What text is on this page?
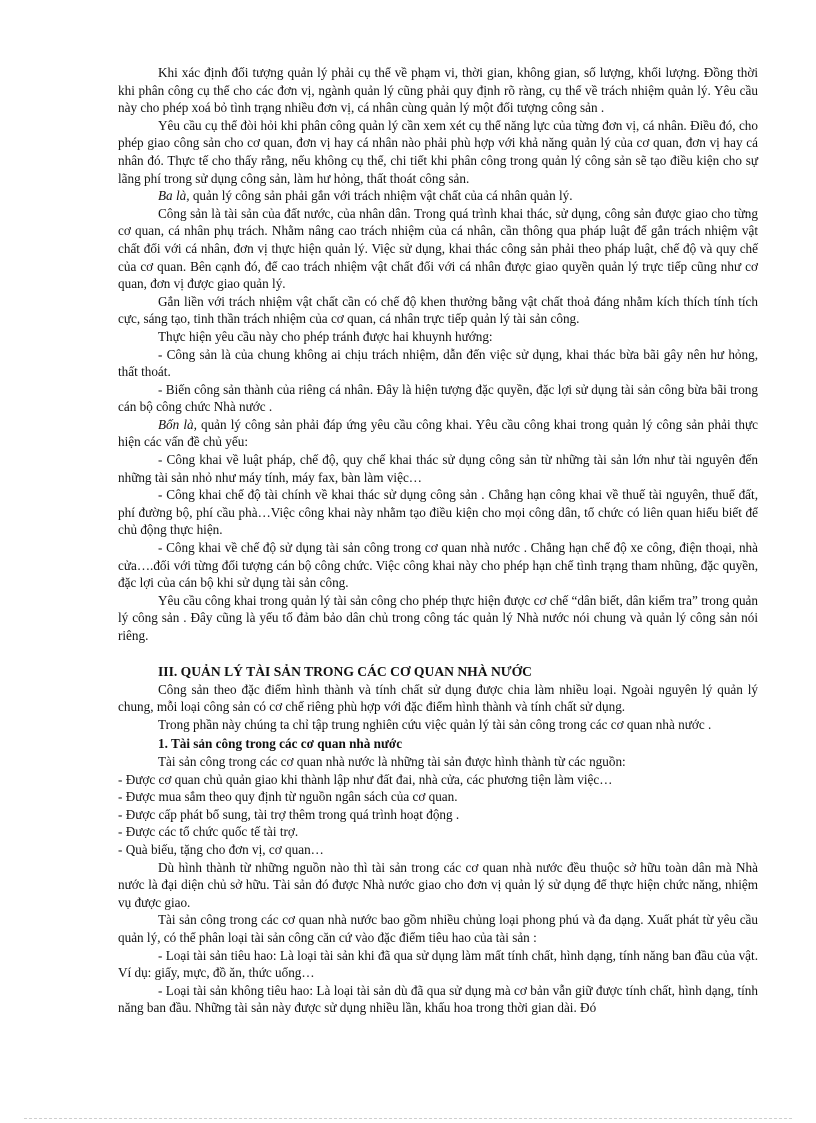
Khi xác định đối tượng quản lý phải cụ thể về phạm vi, thời gian, không gian, số lượng, khối lượng. Đồng thời khi phân công cụ thể cho các đơn vị, ngành quản lý cũng phải quy định rõ ràng, cụ thể về trách nhiệm quản lý. Yêu cầu này cho phép xoá bỏ tình trạng nhiều đơn vị, cá nhân cùng quản lý một đối tượng công sản .

Yêu cầu cụ thể đòi hỏi khi phân công quản lý cần xem xét cụ thể năng lực của từng đơn vị, cá nhân. Điều đó, cho phép giao công sản cho cơ quan, đơn vị hay cá nhân nào phải phù hợp với khả năng quản lý của cơ quan, đơn vị hay cá nhân đó. Thực tế cho thấy rằng, nếu không cụ thể, chi tiết khi phân công trong quản lý công sản sẽ tạo điều kiện cho sự lãng phí trong sử dụng công sản, làm hư hỏng, thất thoát công sản.

Ba là, quản lý công sản phải gắn với trách nhiệm vật chất của cá nhân quản lý.

Công sản là tài sản của đất nước, của nhân dân. Trong quá trình khai thác, sử dụng, công sản được giao cho từng cơ quan, cá nhân phụ trách. Nhằm nâng cao trách nhiệm của cá nhân, cần thông qua pháp luật để gắn trách nhiệm vật chất đối với cá nhân, đơn vị thực hiện quản lý. Việc sử dụng, khai thác công sản phải theo pháp luật, chế độ và quy chế của cơ quan. Bên cạnh đó, để cao trách nhiệm vật chất đối với cá nhân được giao quyền quản lý trực tiếp cũng như cơ quan, đơn vị được giao quản lý.

Gắn liền với trách nhiệm vật chất cần có chế độ khen thưởng bằng vật chất thoả đáng nhằm kích thích tính tích cực, sáng tạo, tinh thần trách nhiệm của cơ quan, cá nhân trực tiếp quản lý tài sản công.

Thực hiện yêu cầu này cho phép tránh được hai khuynh hướng:

- Công sản là của chung không ai chịu trách nhiệm, dẫn đến việc sử dụng, khai thác bừa bãi gây nên hư hỏng, thất thoát.

- Biến công sản thành của riêng cá nhân. Đây là hiện tượng đặc quyền, đặc lợi sử dụng tài sản công bừa bãi trong cán bộ công chức Nhà nước .

Bốn là, quản lý công sản phải đáp ứng yêu cầu công khai. Yêu cầu công khai trong quản lý công sản phải thực hiện các vấn đề chủ yếu:

- Công khai về luật pháp, chế độ, quy chế khai thác sử dụng công sản từ những tài sản lớn như tài nguyên đến những tài sản nhỏ như máy tính, máy fax, bàn làm việc…

- Công khai chế độ tài chính về khai thác sử dụng công sản . Chẳng hạn công khai về thuế tài nguyên, thuế đất, phí đường bộ, phí cầu phà…Việc công khai này nhằm tạo điều kiện cho mọi công dân, tổ chức có liên quan hiểu biết để chủ động thực hiện.

- Công khai về chế độ sử dụng tài sản công trong cơ quan nhà nước . Chẳng hạn chế độ xe công, điện thoại, nhà cửa….đối với từng đối tượng cán bộ công chức. Việc công khai này cho phép hạn chế tình trạng tham nhũng, đặc quyền, đặc lợi của cán bộ khi sử dụng tài sản công.

Yêu cầu công khai trong quản lý tài sản công cho phép thực hiện được cơ chế “dân biết, dân kiểm tra” trong quản lý công sản . Đây cũng là yếu tố đảm bảo dân chủ trong công tác quản lý Nhà nước nói chung và quản lý công sản nói riêng.

III. QUẢN LÝ TÀI SẢN TRONG CÁC CƠ QUAN NHÀ NƯỚC

Công sản theo đặc điểm hình thành và tính chất sử dụng được chia làm nhiều loại. Ngoài nguyên lý quản lý chung, mỗi loại công sản có cơ chế riêng phù hợp với đặc điểm hình thành và tính chất sử dụng.

Trong phần này chúng ta chỉ tập trung nghiên cứu việc quản lý tài sản công trong các cơ quan nhà nước .

1. Tài sản công trong các cơ quan nhà nước

Tài sản công trong các cơ quan nhà nước là những tài sản được hình thành từ các nguồn:

- Được cơ quan chủ quản giao khi thành lập như đất đai, nhà cửa, các phương tiện làm việc…

- Được mua sắm theo quy định từ nguồn ngân sách của cơ quan.

- Được cấp phát bổ sung, tài trợ thêm trong quá trình hoạt động .

- Được các tổ chức quốc tế tài trợ.

- Quà biếu, tặng cho đơn vị, cơ quan…

Dù hình thành từ những nguồn nào thì tài sản trong các cơ quan nhà nước đều thuộc sở hữu toàn dân mà Nhà nước là đại diện chủ sở hữu. Tài sản đó được Nhà nước giao cho đơn vị quản lý sử dụng để thực hiện chức năng, nhiệm vụ được giao.

Tài sản công trong các cơ quan nhà nước bao gồm nhiều chủng loại phong phú và đa dạng. Xuất phát từ yêu cầu quản lý, có thể phân loại tài sản công căn cứ vào đặc điểm tiêu hao của tài sản :

- Loại tài sản tiêu hao: Là loại tài sản khi đã qua sử dụng làm mất tính chất, hình dạng, tính năng ban đầu của vật. Ví dụ: giấy, mực, đồ ăn, thức uống…

- Loại tài sản không tiêu hao: Là loại tài sản dù đã qua sử dụng mà cơ bản vẫn giữ được tính chất, hình dạng, tính năng ban đầu. Những tài sản này được sử dụng nhiều lần, khấu hoa trong thời gian dài. Đó
